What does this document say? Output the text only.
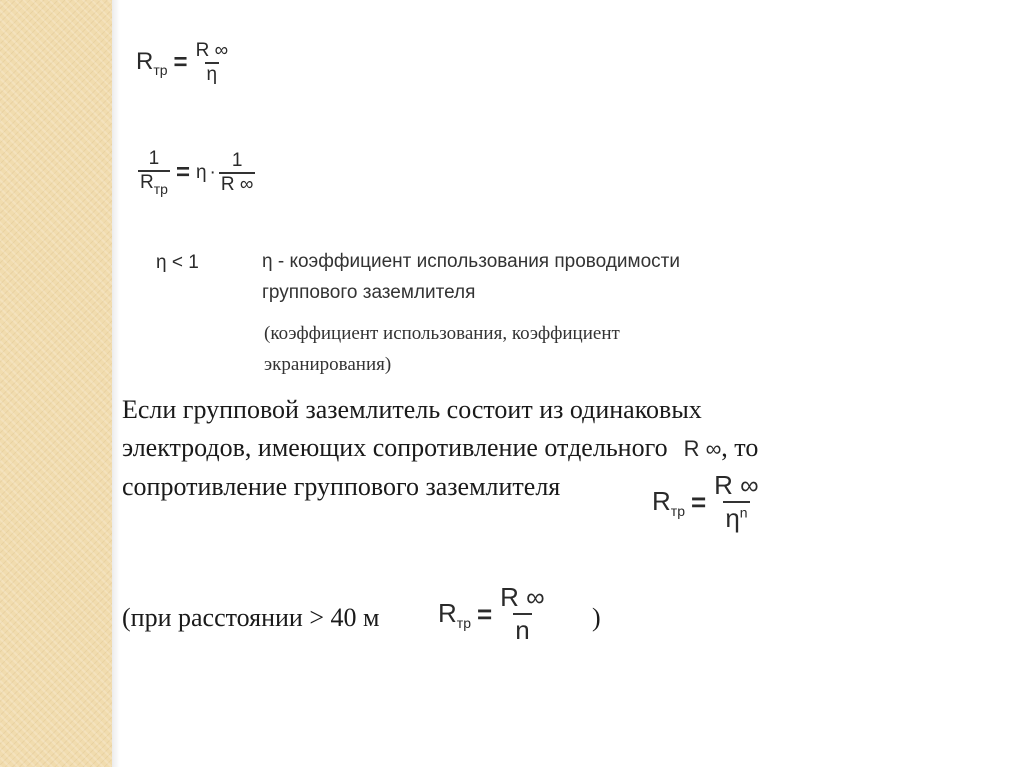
$R_{тр} = \frac{R \infty}{\eta}$
$\frac{1}{R_{тр}} = \eta \cdot \frac{1}{R \infty}$
η < 1	η - коэффициент использования проводимости
группового заземлителя
(коэффициент использования, коэффициент
экранирования)
Если групповой заземлитель состоит из одинаковых
электродов, имеющих сопротивление отдельного R ∞, то
сопротивление группового заземлителя	$R_{тр} = \frac{R \infty}{\eta^n}$
(при расстоянии > 40 м $R_{тр} = \frac{R \infty}{n}$ )
